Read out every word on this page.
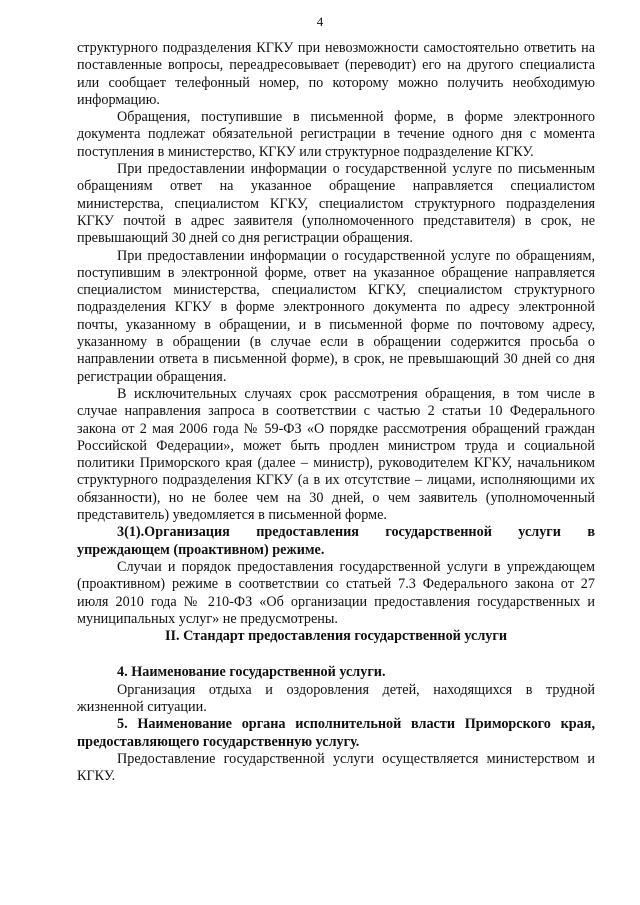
4

структурного подразделения КГКУ при невозможности самостоятельно ответить на поставленные вопросы, переадресовывает (переводит) его на другого специалиста или сообщает телефонный номер, по которому можно получить необходимую информацию.

Обращения, поступившие в письменной форме, в форме электронного документа подлежат обязательной регистрации в течение одного дня с момента поступления в министерство, КГКУ или структурное подразделение КГКУ.

При предоставлении информации о государственной услуге по письменным обращениям ответ на указанное обращение направляется специалистом министерства, специалистом КГКУ, специалистом структурного подразделения КГКУ почтой в адрес заявителя (уполномоченного представителя) в срок, не превышающий 30 дней со дня регистрации обращения.

При предоставлении информации о государственной услуге по обращениям, поступившим в электронной форме, ответ на указанное обращение направляется специалистом министерства, специалистом КГКУ, специалистом структурного подразделения КГКУ в форме электронного документа по адресу электронной почты, указанному в обращении, и в письменной форме по почтовому адресу, указанному в обращении (в случае если в обращении содержится просьба о направлении ответа в письменной форме), в срок, не превышающий 30 дней со дня регистрации обращения.

В исключительных случаях срок рассмотрения обращения, в том числе в случае направления запроса в соответствии с частью 2 статьи 10 Федерального закона от 2 мая 2006 года № 59-ФЗ «О порядке рассмотрения обращений граждан Российской Федерации», может быть продлен министром труда и социальной политики Приморского края (далее – министр), руководителем КГКУ, начальником структурного подразделения КГКУ (а в их отсутствие – лицами, исполняющими их обязанности), но не более чем на 30 дней, о чем заявитель (уполномоченный представитель) уведомляется в письменной форме.

3(1).Организация предоставления государственной услуги в упреждающем (проактивном) режиме.

Случаи и порядок предоставления государственной услуги в упреждающем (проактивном) режиме в соответствии со статьей 7.3 Федерального закона от 27 июля 2010 года № 210-ФЗ «Об организации предоставления государственных и муниципальных услуг» не предусмотрены.

II. Стандарт предоставления государственной услуги

4. Наименование государственной услуги.

Организация отдыха и оздоровления детей, находящихся в трудной жизненной ситуации.

5. Наименование органа исполнительной власти Приморского края, предоставляющего государственную услугу.

Предоставление государственной услуги осуществляется министерством и КГКУ.
